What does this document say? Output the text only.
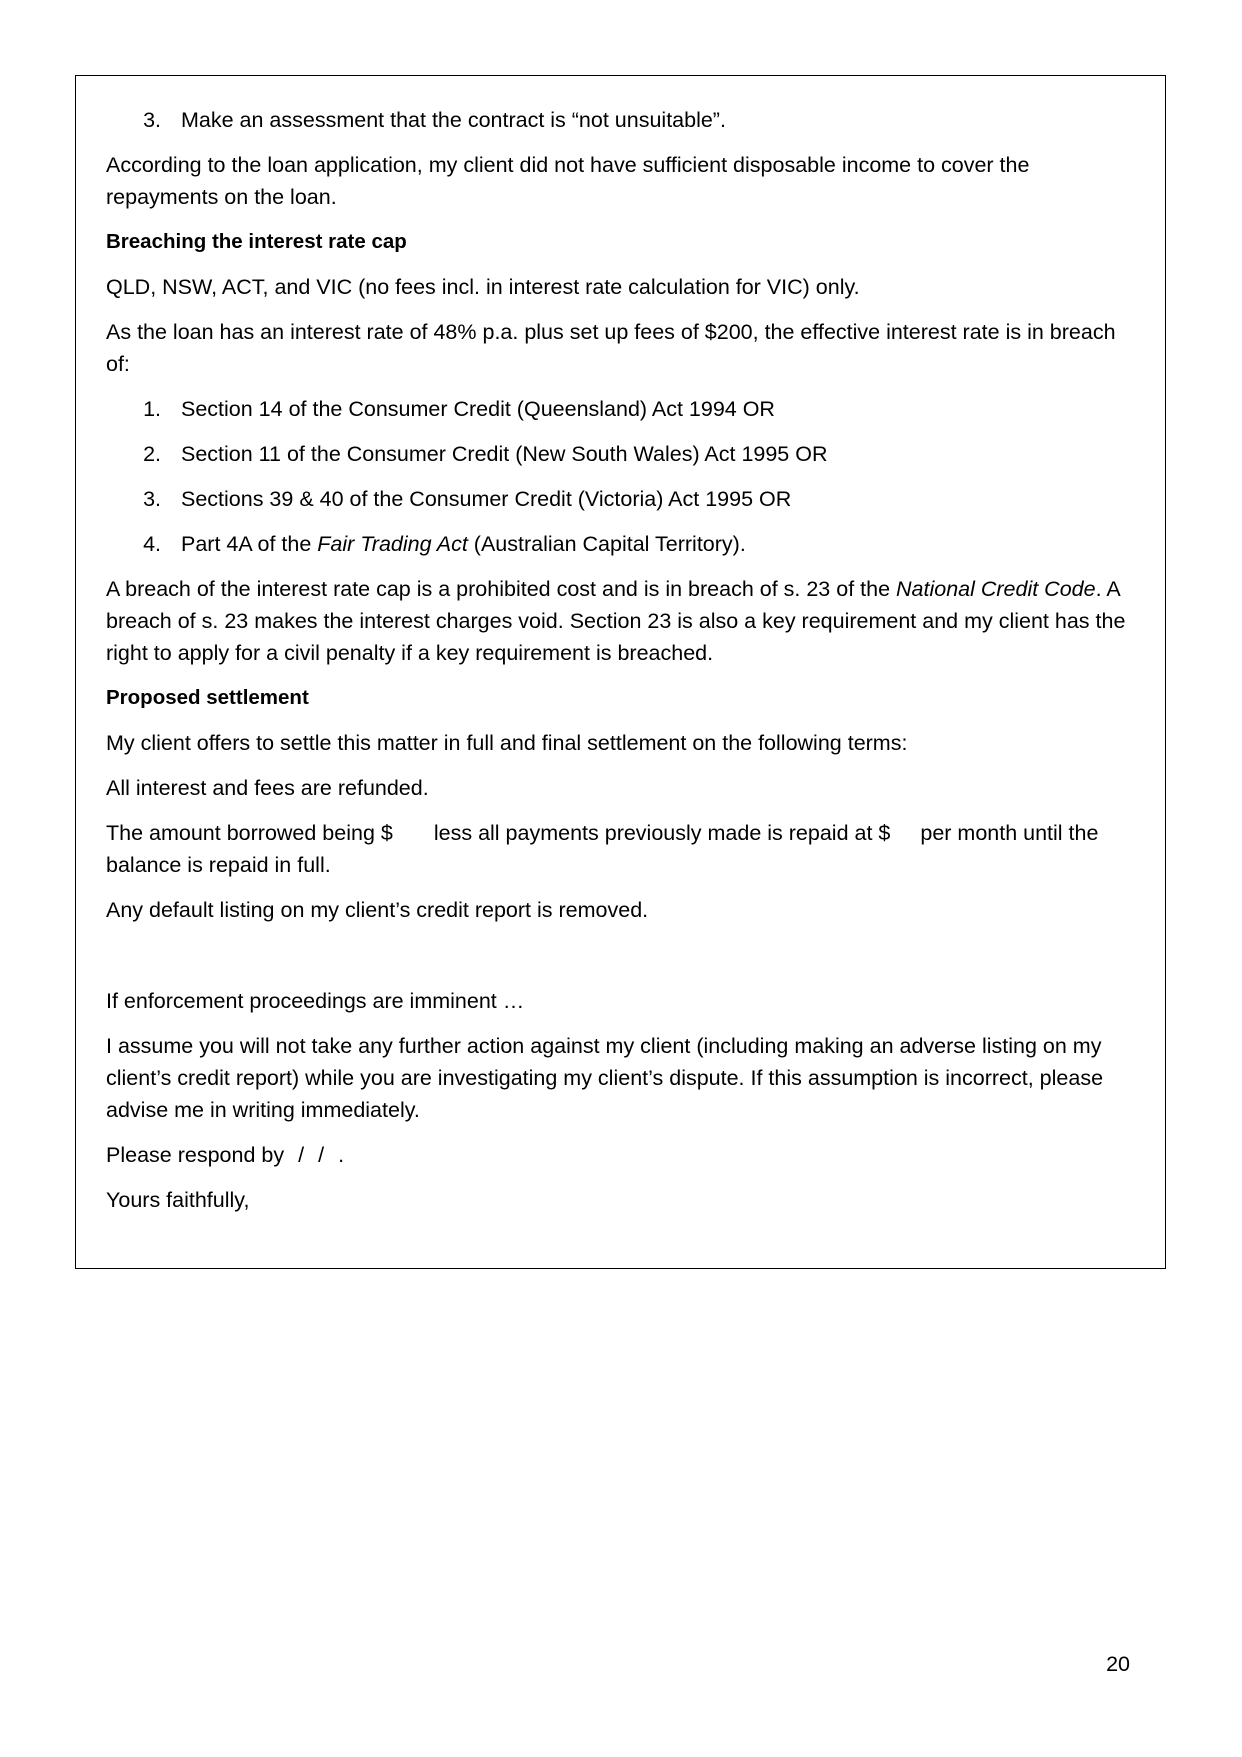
3. Make an assessment that the contract is “not unsuitable”.

According to the loan application, my client did not have sufficient disposable income to cover the repayments on the loan.

Breaching the interest rate cap

QLD, NSW, ACT, and VIC (no fees incl. in interest rate calculation for VIC) only.

As the loan has an interest rate of 48% p.a. plus set up fees of $200, the effective interest rate is in breach of:

1. Section 14 of the Consumer Credit (Queensland) Act 1994 OR
2. Section 11 of the Consumer Credit (New South Wales) Act 1995 OR
3. Sections 39 & 40 of the Consumer Credit (Victoria) Act 1995 OR
4. Part 4A of the Fair Trading Act (Australian Capital Territory).

A breach of the interest rate cap is a prohibited cost and is in breach of s. 23 of the National Credit Code. A breach of s. 23 makes the interest charges void. Section 23 is also a key requirement and my client has the right to apply for a civil penalty if a key requirement is breached.

Proposed settlement

My client offers to settle this matter in full and final settlement on the following terms:

All interest and fees are refunded.

The amount borrowed being $ less all payments previously made is repaid at $ per month until the balance is repaid in full.

Any default listing on my client’s credit report is removed.

If enforcement proceedings are imminent …

I assume you will not take any further action against my client (including making an adverse listing on my client’s credit report) while you are investigating my client’s dispute. If this assumption is incorrect, please advise me in writing immediately.

Please respond by / / .

Yours faithfully,

20
